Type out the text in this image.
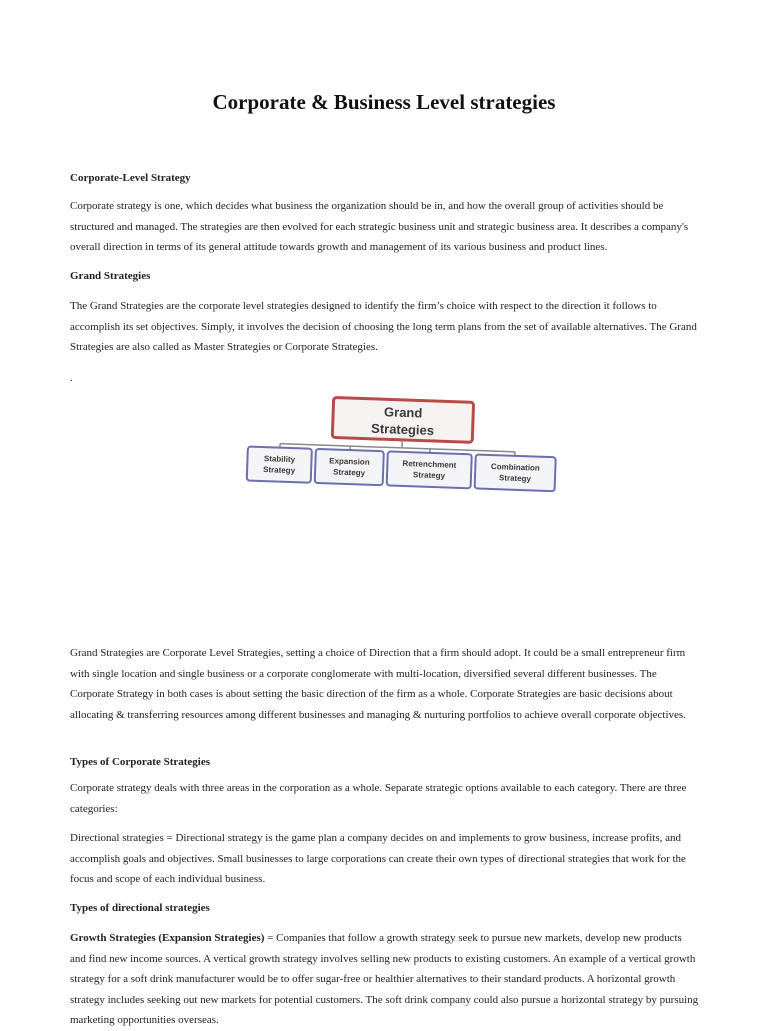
Corporate & Business Level strategies

Corporate-Level Strategy

Corporate strategy is one, which decides what business the organization should be in, and how the overall group of activities should be structured and managed. The strategies are then evolved for each strategic business unit and strategic business area. It describes a company's overall direction in terms of its general attitude towards growth and management of its various business and product lines.

Grand Strategies

The Grand Strategies are the corporate level strategies designed to identify the firm’s choice with respect to the direction it follows to accomplish its set objectives. Simply, it involves the decision of choosing the long term plans from the set of available alternatives. The Grand Strategies are also called as Master Strategies or Corporate Strategies.

.
Grand
Strategies
Stability
Strategy
Expansion
Strategy
Retrenchment
Strategy
Combination
Strategy

Grand Strategies are Corporate Level Strategies, setting a choice of Direction that a firm should adopt. It could be a small entrepreneur firm with single location and single business or a corporate conglomerate with multi-location, diversified several different businesses. The Corporate Strategy in both cases is about setting the basic direction of the firm as a whole. Corporate Strategies are basic decisions about allocating & transferring resources among different businesses and managing & nurturing portfolios to achieve overall corporate objectives.

Types of Corporate Strategies

Corporate strategy deals with three areas in the corporation as a whole. Separate strategic options available to each category. There are three categories:

Directional strategies = Directional strategy is the game plan a company decides on and implements to grow business, increase profits, and accomplish goals and objectives. Small businesses to large corporations can create their own types of directional strategies that work for the focus and scope of each individual business.

Types of directional strategies

Growth Strategies (Expansion Strategies) = Companies that follow a growth strategy seek to pursue new markets, develop new products and find new income sources. A vertical growth strategy involves selling new products to existing customers. An example of a vertical growth strategy for a soft drink manufacturer would be to offer sugar-free or healthier alternatives to their standard products. A horizontal growth strategy includes seeking out new markets for potential customers. The soft drink company could also pursue a horizontal strategy by pursuing marketing opportunities overseas.
